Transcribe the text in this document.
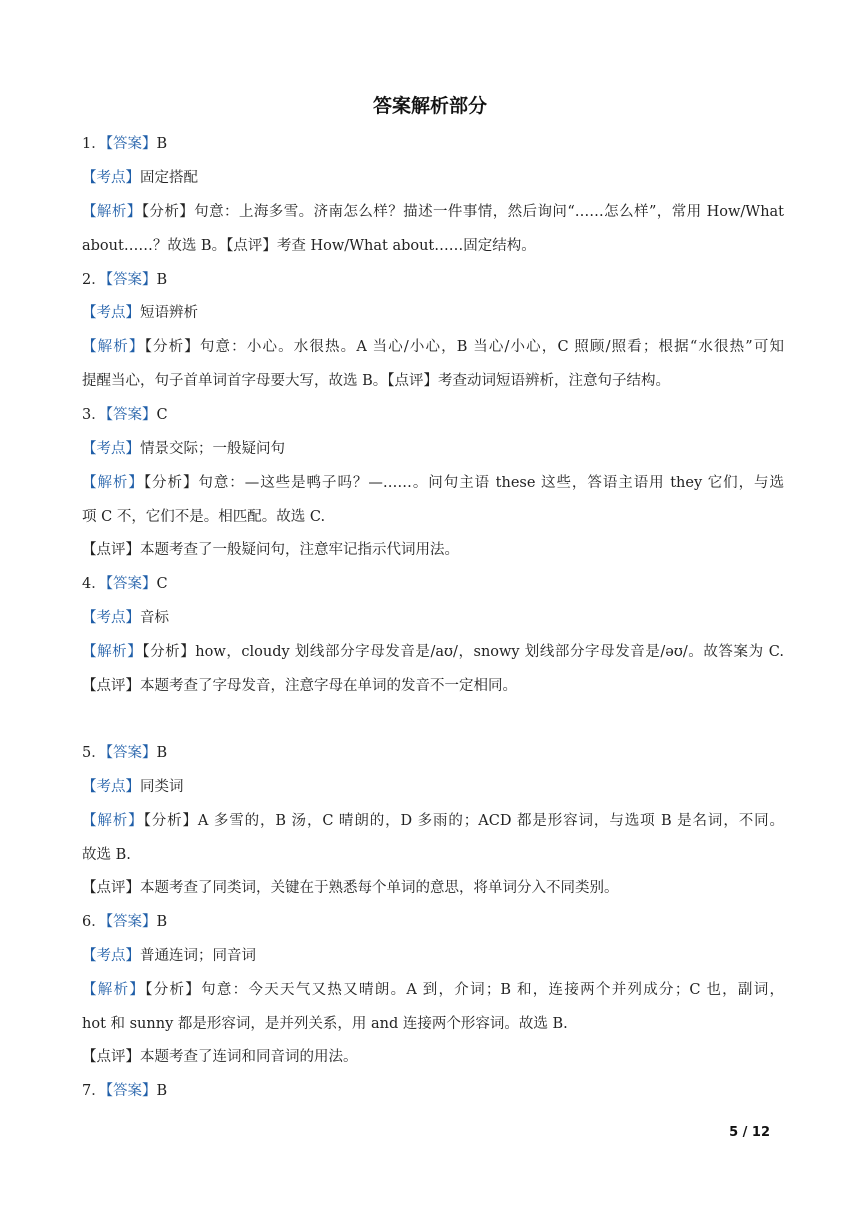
答案解析部分
1．【答案】B
【考点】固定搭配
【解析】【分析】句意：上海多雪。济南怎么样？描述一件事情，然后询问“……怎么样”，常用 How/What
about……？故选 B。【点评】考查 How/What about……固定结构。
2．【答案】B
【考点】短语辨析
【解析】【分析】句意：小心。水很热。A 当心/小心，B 当心/小心，C 照顾/照看；根据“水很热”可知
提醒当心，句子首单词首字母要大写，故选 B。【点评】考查动词短语辨析，注意句子结构。
3．【答案】C
【考点】情景交际；一般疑问句
【解析】【分析】句意：—这些是鸭子吗？—……。问句主语 these 这些，答语主语用 they 它们，与选
项 C 不，它们不是。相匹配。故选 C.
【点评】本题考查了一般疑问句，注意牢记指示代词用法。
4．【答案】C
【考点】音标
【解析】【分析】how，cloudy 划线部分字母发音是/aʊ/，snowy 划线部分字母发音是/əʊ/。故答案为 C.
【点评】本题考查了字母发音，注意字母在单词的发音不一定相同。
5．【答案】B
【考点】同类词
【解析】【分析】A 多雪的，B 汤，C 晴朗的，D 多雨的；ACD 都是形容词，与选项 B 是名词，不同。
故选 B.
【点评】本题考查了同类词，关键在于熟悉每个单词的意思，将单词分入不同类别。
6．【答案】B
【考点】普通连词；同音词
【解析】【分析】句意：今天天气又热又晴朗。A 到，介词；B 和，连接两个并列成分；C 也，副词，
hot 和 sunny 都是形容词，是并列关系，用 and 连接两个形容词。故选 B.
【点评】本题考查了连词和同音词的用法。
7．【答案】B
5 / 12
